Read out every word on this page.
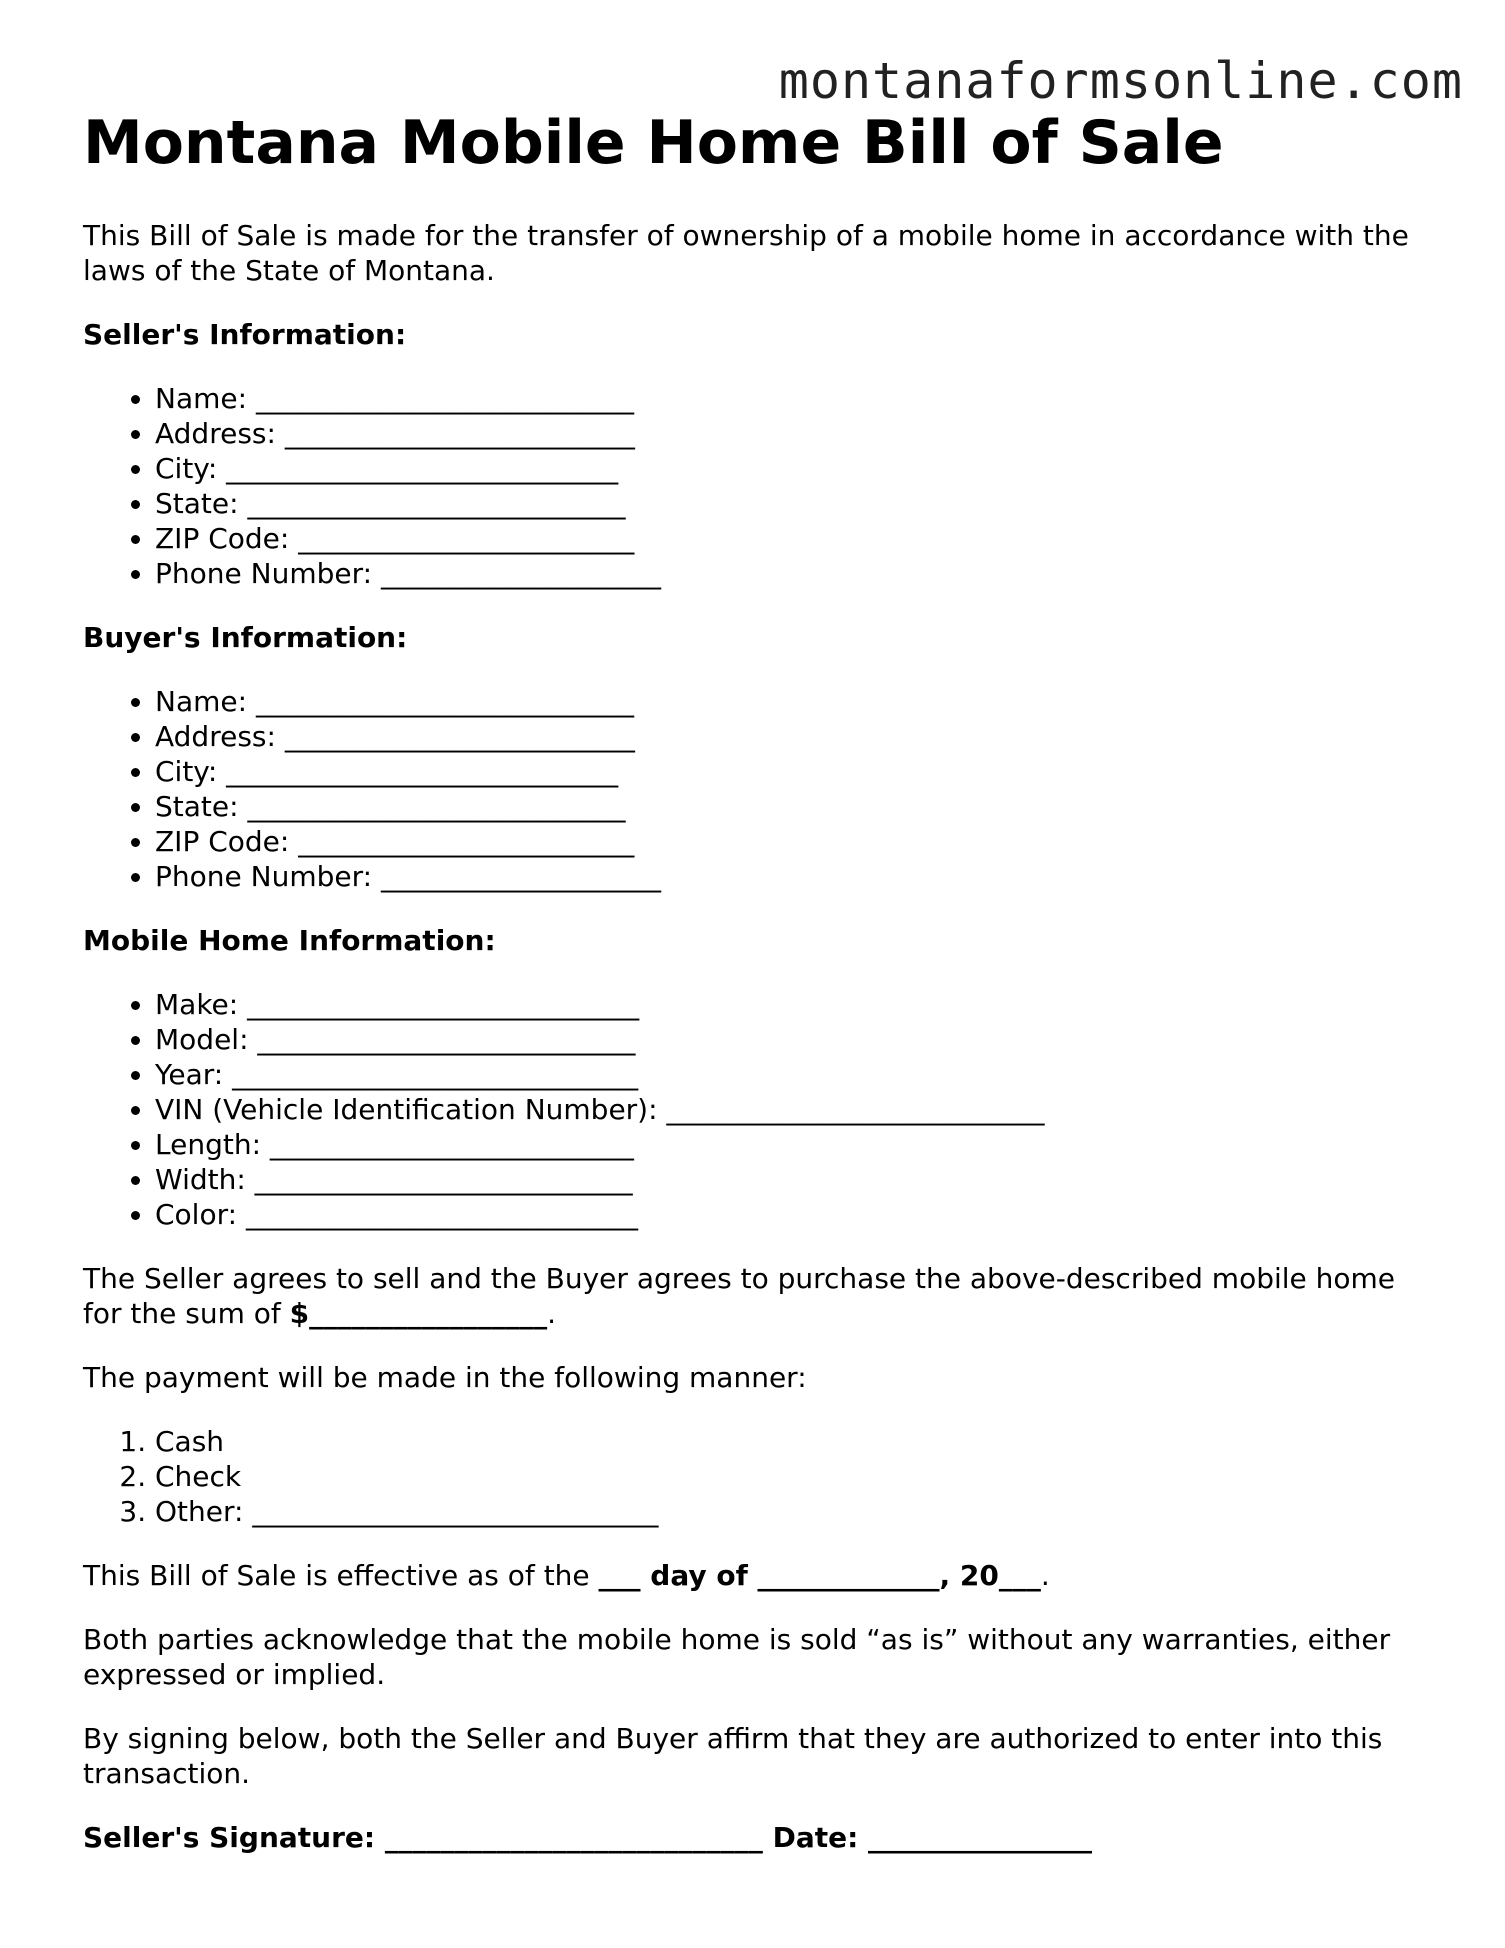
montanaformsonline.com
Montana Mobile Home Bill of Sale

This Bill of Sale is made for the transfer of ownership of a mobile home in accordance with the laws of the State of Montana.

Seller's Information:
• Name: ___________________________
• Address: _________________________
• City: ____________________________
• State: ___________________________
• ZIP Code: ________________________
• Phone Number: ____________________
Buyer's Information:
• Name: ___________________________
• Address: _________________________
• City: ____________________________
• State: ___________________________
• ZIP Code: ________________________
• Phone Number: ____________________
Mobile Home Information:
• Make: ____________________________
• Model: ___________________________
• Year: _____________________________
• VIN (Vehicle Identification Number): ___________________________
• Length: __________________________
• Width: ___________________________
• Color: ____________________________

The Seller agrees to sell and the Buyer agrees to purchase the above-described mobile home for the sum of $_________________.

The payment will be made in the following manner:

1. Cash
2. Check
3. Other: _____________________________

This Bill of Sale is effective as of the ___ day of _____________, 20___.

Both parties acknowledge that the mobile home is sold “as is” without any warranties, either expressed or implied.

By signing below, both the Seller and Buyer affirm that they are authorized to enter into this transaction.

Seller's Signature: ___________________________ Date: ________________
